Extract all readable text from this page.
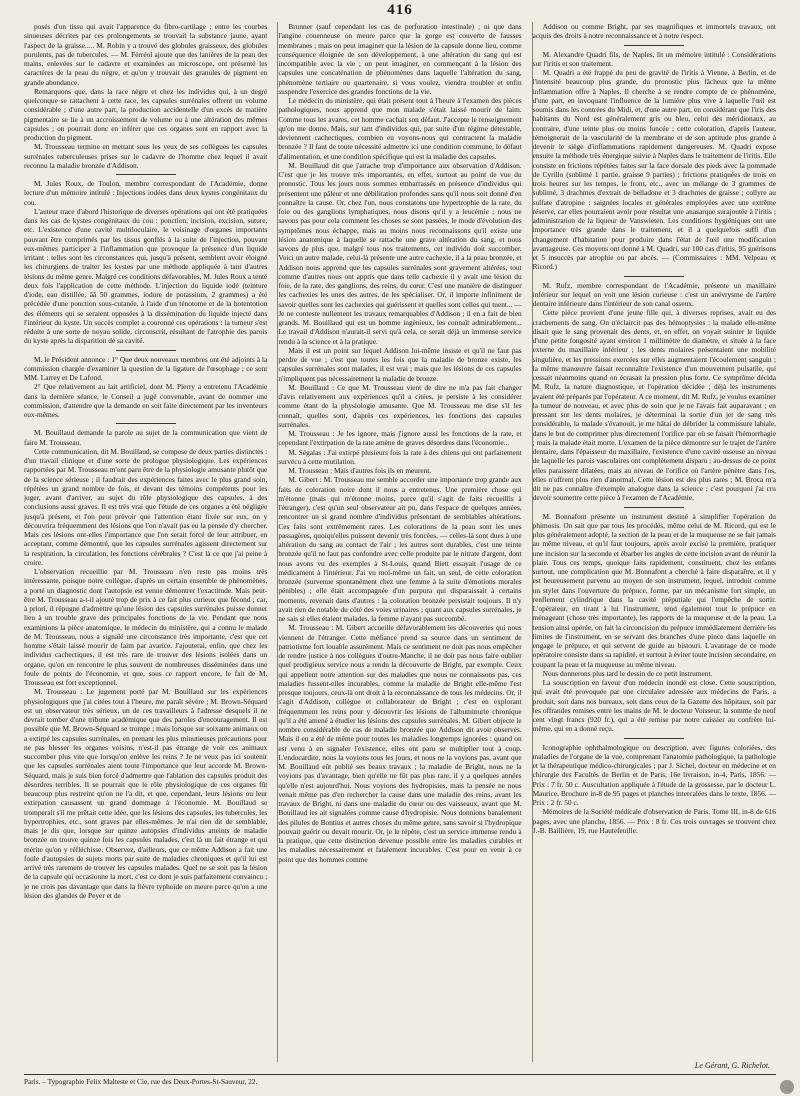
416

posés d'un tissu qui avait l'apparence du fibro-cartilage ; entre les courbes sinueuses décrites par ces prolongements se trouvait la substance jaune, ayant l'aspect de la graisse..... M. Robin y a trouvé des globules graisseux, des globules purulents, pas de tubercules. — M. Férréol ajoute que des lanières de la peau des mains, enlevées sur le cadavre et examinées au microscope, ont présenté les caractères de la peau du nègre, et qu'on y trouvait des granules de pigment en grande abondance.

Remarquons que, dans la race nègre et chez les individus qui, à un degré quelconque se rattachent à cette race, les capsules surrénales offrent un volume considérable ; d'une autre part, la production accidentelle d'un excès de matière pigmentaire se lie à un accroissement de volume ou à une altération des mêmes capsules ; on pourrait donc en inférer que ces organes sont en rapport avec la production du pigment.

M. Trousseau termine en mettant sous les yeux de ses collègues les capsules surrénales tuberculeuses prises sur le cadavre de l'homme chez lequel il avait reconnu la maladie bronzée d'Addison.

M. Jules Roux, de Toulon, membre correspondant de l'Académie, donne lecture d'un mémoire intitulé : Injections iodées dans deux kystes congénitaux du cou.

L'auteur trace d'abord l'historique de diverses opérations qui ont été pratiquées dans les cas de kystes congénitaux du cou : ponction, incision, excision, suture, etc. L'existence d'une cavité multiloculaire, le voisinage d'organes importants pouvant être comprimés par les tissus gonflés à la suite de l'injection, pouvant eux-mêmes participer à l'inflammation que provoque la présence d'un liquide irritant : telles sont les circonstances qui, jusqu'à présent, semblent avoir éloigné les chirurgiens de traiter les kystes par une méthode appliquée à tant d'autres lésions du même genre. Malgré ces conditions défavorables, M. Jules Roux a tenté deux fois l'application de cette méthode. L'injection du liquide iodé (teinture d'iode, eau distillée, âă 50 grammes, iodure de potassium, 2 grammes) a été précédée d'une ponction sous-cutanée, à l'aide d'un ténotome et de la hotentotion des éléments qui se seraient opposées à la dissémination du liquide injecté dans l'intérieur du kyste. Un succès complet a couronné ces opérations : la tumeur s'est réduite à une sorte de noyau solide, circonscrit, résultant de l'atrophie des parois du kyste après la disparition de sa cavité.

M. le Président annonce : 1° Que deux nouveaux membres ont été adjoints à la commission chargée d'examiner la question de la ligature de l'œsophage ; ce sont MM. Larrey et De Lafond.

2° Que relativement au lait artificiel, dont M. Pierry a entretenu l'Académie dans la dernière séance, le Conseil a jugé convenable, avant de nommer une commission, d'attendre que la demande en soit faite directement par les inventeurs eux-mêmes.

M. Bouillaud demande la parole au sujet de la communication que vient de faire M. Trousseau.

Cette communication, dit M. Bouillaud, se compose de deux parties distinctes : d'un travail clinique et d'une sorte de prologue physiologique. Les expériences rapportées par M. Trousseau m'ont paru être de la physiologie amusante plutôt que de la science sérieuse ; il faudrait des expériences faites avec le plus grand soin, répétées un grand nombre de fois, et devant des témoins compétents pour les juger, avant d'arriver, au sujet du rôle physiologique des capsules, à des conclusions aussi graves. Il est très vrai que l'étude de ces organes a été négligée jusqu'à présent, et l'on peut prévoir que l'attention étant fixée sur eux, on y découvrira fréquemment des lésions que l'on n'avait pas eu la pensée d'y chercher. Mais ces lésions ont-elles l'importance que l'on serait forcé de leur attribuer, en acceptant, comme démontré, que les capsules surrénales agissent directement sur la respiration, la circulation, les fonctions cérébrales ? C'est là ce que j'ai peine à croire.

L'observation recueillie par M. Trousseau n'en reste pas moins très intéressante, puisque notre collègue, d'après un certain ensemble de phénomènes, a porté un diagnostic dont l'autopsie est venue démontrer l'exactitude. Mais peut-être M. Trousseau a-t-il ajouté trop de prix à ce fait plus curieux que fécond ; car, à priori, il répugne d'admettre qu'une lésion des capsules surrénales puisse donner lieu à un trouble grave des principales fonctions de la vie. Pendant que nous examinions la pièce anatomique, le médecin du ministère, qui a connu le malade de M. Trousseau, nous a signalé une circonstance très importante, c'est que cet homme s'était laissé mourir de faim par avarice. J'ajouterai, enfin, que chez les individus cachectiques, il est très rare de trouver des lésions isolées dans un organe, qu'on en rencontre le plus souvent de nombreuses disséminées dans une foule de points de l'économie, et que, sous ce rapport encore, le fait de M. Trousseau est fort exceptionnel.

M. Trousseau : Le jugement porté par M. Bouillaud sur les expériences physiologiques que j'ai citées tout à l'heure, me paraît sévère ; M. Brown-Séquard est un observateur très sérieux, un de ces travailleurs à l'adresse desquels il ne devrait tomber d'une tribune académique que des paroles d'encouragement. Il est possible que M. Brown-Séquard se trompe ; mais lorsque sur soixante animaux on a extirpé les capsules surrénales, en prenant les plus minutieuses précautions pour ne pas blesser les organes voisins, n'est-il pas étrange de voir ces animaux succomber plus vite que lorsqu'on enlève les reins ? Je ne veux pas ici soutenir que les capsules surrénales aient toute l'importance que leur accorde M. Brown-Séquard, mais je suis bien forcé d'admettre que l'ablation des capsules produit des désordres terribles. Il se pourrait que le rôle physiologique de ces organes fût beaucoup plus restreint qu'on ne l'a dit, et que, cependant, leurs lésions ou leur extirpation causassent un grand dommage à l'économie. M. Bouillaud se tromperait s'il me prêtait cette idée, que les lésions des capsules, les tubercules, les hypertrophies, etc., sont graves par elles-mêmes. Je n'ai rien dit de semblable, mais je dis que, lorsque sur quinze autopsies d'individus atteints de maladie bronzée on trouve quinze fois les capsules malades, c'est là un fait étrange et qui mérite qu'on y réfléchisse. Observez, d'ailleurs, que ce même Addison a fait une foule d'autopsies de sujets morts par suite de maladies chroniques et qu'il lui est arrivé très rarement de trouver les capsules malades. Quel ne se soit pas la lésion de la capsule qui occasionne la mort, c'est ce dont je suis parfaitement convaincu ; je ne crois pas davantage que dans la fièvre typhoïde on meure parce qu'on a une lésion des glandes de Peyer et de

Brunner (sauf cependant les cas de perforation intestinale) ; ni que dans l'angine couenneuse on meure parce que la gorge est couverte de fausses membranes ; mais on peut imaginer que la lésion de la capsule donne lieu, comme conséquence éloignée de son développement, à une altération du sang qui est incompatible avec la vie ; on peut imaginer, en commençant à la lésion des capsules une concaténation de phénomènes dans laquelle l'altération du sang, phénomène tertiaire ou quartenaire, si vous voulez, viendra troubler et enfin suspendre l'exercice des grandes fonctions de la vie.

Le médecin du ministère, qui était présent tout à l'heure à l'examen des pièces pathologiques, nous apprend que mon malade s'était laissé mourir de faim. Comme tous les avares, cet homme cachait son défaut. J'accepte le renseignement qu'on me donne. Mais, sur tant d'individus qui, par suite d'un régime détestable, deviennent cachectiques, combien en voyons-nous qui contractent la maladie bronzée ? Il faut de toute nécessité admettre ici une condition commune, le défaut d'alimentation, et une condition spécifique qui est la maladie des capsules.

M. Bouillaud dit que j'attache trop d'importance aux observation d'Addison. C'est que je les trouve très importantes, en effet, surtout au point de vue du pronostic. Tous les jours nous sommes embarrassés en présence d'individus qui présentent une pâleur et une débilitation profondes sans qu'il nous soit donné d'en connaître la cause. Or, chez l'un, nous constatons une hypertrophie de la rate, du foie ou des ganglions lymphatiques, nous disons qu'il y a leucémie ; nous ne savons pas pour cela comment les choses se sont passées, le mode d'évolution des symptômes nous échappe, mais au moins nous reconnaissons qu'il existe une lésion anatomique à laquelle se rattache une grave altération du sang, et nous savons de plus que, malgré tous nos traitements, cet individu doit succomber. Voici un autre malade, celui-là présente une autre cachexie, il a la peau bronzée, et Addison nous apprend que les capsules surrénales sont gravement altérées, tout comme d'autres nous ont appris que dans telle cachexie il y avait une lésion du foie, de la rate, des ganglions, des reins, du cœur. C'est une manière de distinguer les cachexies les unes des autres, de les spécialiser. Or, il importe infiniment de savoir quelles sont les cachexies qui guérissent et quelles sont celles qui tuent... — Je ne conteste nullement les travaux remarquables d'Addison ; il en a fait de bien grands. M. Bouillaud qui est un homme ingénieux, les connaît admirablement... Le travail d'Addison n'aurait-il servi qu'à cela, ce serait déjà un immense service rendu à la science et à la pratique.

Mais il est un point sur lequel Addison lui-même insiste et qu'il ne faut pas perdre de vue ; c'est que toutes les fois que la maladie de bronze existe, les capsules surrénales sont malades, il est vrai ; mais que les lésions de ces capsules n'impliquent pas nécessairement la maladie de bronze.

M. Bouillaud : Ce que M. Trousseau vient de dire ne m'a pas fait changer d'avis relativement aux expériences qu'il a citées, je persiste à les considérer comme étant de la physiologie amusante. Que M. Trousseau me dise s'il les connaît, quelles sont, d'après ces expériences, les fonctions des capsules surrénales.

M. Trousseau : Je les ignore, mais j'ignore aussi les fonctions de la rate, et cependant l'extirpation de la rate amène de graves désordres dans l'économie...

M. Ségalas : J'ai extirpé plusieurs fois la rate à des chiens qui ont parfaitement survécu à cette mutilation.

M. Trousseau : Mais d'autres fois ils en meurent.

M. Gibert : M. Trousseau me semble accorder une importance trop grande aux faits de coloration noire dont il nous a entretenus. Une première chose qui m'étonne (mais qui m'étonne moins, parce qu'il s'agit de faits recueillis à l'étranger), c'est qu'un seul observateur ait pu, dans l'espace de quelques années, rencontrer un si grand nombre d'individus présentant de semblables altérations. Ces faits sont extrêmement rares. Les colorations de la peau sont les unes passagères, quoiqu'elles puissent devenir très foncées, — celles-là sont dues à une altération du sang au contact de l'air ; les autres sont durables, c'est une teinte bronzée qu'il ne faut pas confondre avec celle produite par le nitrate d'argent, dont nous avons vu des exemples à St-Louis, quand Biett essayait l'usage de ce médicament à l'intérieur. J'ai vu moi-même un fait, un seul, de cette coloration bronzée (survenue spontanément chez une femme à la suite d'émotions morales pénibles) ; elle était accompagnée d'un purpura qui disparaissait à certains moments, revenait dans d'autres : la coloration bronzée persistait toujours. Il n'y avait rien de notable du côté des voies urinaires ; quant aux capsules surrénales, je ne sais si elles étaient malades, la femme n'ayant pas succombé.

M. Trousseau : M. Gibert accueille défavorablement les découvertes qui nous viennent de l'étranger. Cette méfiance prend sa source dans un sentiment de patriotisme fort louable assurément. Mais ce sentiment ne doit pas nous empêcher de rendre justice à nos collègues d'outre-Manche, il ne doit pas nous faire oublier quel prodigieux service nous a rendu la découverte de Bright, par exemple. Ceux qui appellent notre attention sur des maladies que nous ne connaissons pas, ces maladies fussent-elles incurables, comme la maladie de Bright elle-même l'est presque toujours, ceux-là ont droit à la reconnaissance de tous les médecins. Or, il s'agit d'Addison, collègue et collaborateur de Bright ; c'est en explorant fréquemment les reins pour y découvrir les lésions de l'albuminurie chronique qu'il a été amené à étudier les lésions des capsules surrénales. M. Gibert objecte le nombre considérable de cas de maladie bronzée que Addison dit avoir observés. Mais il en a été de même pour toutes les maladies longtemps ignorées : quand on est venu à en signaler l'existence, elles ont paru se multiplier tout à coup. L'endocardite, nous la voyions tous les jours, et nous ne la voyions pas, avant que M. Bouillaud eût publié ses beaux travaux ; la maladie de Bright, nous ne la voyions pas d'avantage, bien qu'elle ne fût pas plus rare, il y a quelques années qu'elle n'est aujourd'hui. Nous voyions des hydropisies, mais la pensée ne nous venait même pas d'en rechercher la cause dans une maladie des reins, avant les travaux de Bright, ni dans une maladie du cœur ou des vaisseaux, avant que M. Bouillaud les ait signalées comme cause d'hydropisie. Nous donnions banalement des pilules de Bontius et autres choses du même genre, sans savoir si l'hydropique pouvait guérir ou devait mourir. Or, je le répète, c'est un service immense rendu à la pratique, que cette distinction devenue possible entre les maladies curables et les maladies nécessairement et fatalement incurables. C'est pour en venir à ce point que des hommes comme

Addison ou comme Bright, par ses magnifiques et immortels travaux, ont acquis des droits à notre reconnaissance et à notre respect.

M. Alexandre Quadri fils, de Naples, lit un mémoire intitulé : Considérations sur l'iritis et son traitement.

M. Quadri a été frappé du peu de gravité de l'iritis à Vienne, à Berlin, et de l'intensité beaucoup plus grande, du pronostic plus fâcheux que la même inflammation offre à Naples. Il cherche à se rendre compte de ce phénomène, d'une part, en invoquant l'influence de la lumière plus vive à laquelle l'œil est soumis dans les contrées du Midi, et, d'une autre part, en considérant que l'iris des habitants du Nord est généralement gris ou bleu, celui des méridionaux, au contraire, d'une teinte plus ou moins foncée ; cette coloration, d'après l'auteur, témoignerait de la vascularité de la membrane et de son aptitude plus grande à devenir le siège d'inflammations rapidement dangereuses. M. Quadri expose ensuite la méthode très énergique suivie à Naples dans le traitement de l'iritis. Elle consiste en frictions répétées faites sur la face dorsale des pieds avec la pommade de Cyrillo (sublimé 1 partie, graisse 9 parties) ; frictions pratiquées de trois en trois heures sur les tempes, le front, etc., avec un mélange de 3 grammes de sublimé, 3 drachmes d'extrait de belladone et 3 drachmes de graisse ; collyre au sulfate d'atropine : saignées locales et générales employées avec une extrême réserve, car elles pourraient avoir pour résultat une anasarque surajoutée à l'iritis ; administration de la liqueur de Vanswieten. Les conditions hygiéniques ont une importance très grande dans le traitement, et il a quelquefois suffi d'un changement d'habitation pour produire dans l'état de l'œil une modification avantageuse. Ces moyens ont donné à M. Quadri, sur 100 cas d'iritis, 95 guérisons et 5 insuccès par atrophie ou par abcès. — (Commissaires : MM. Velpeau et Ricord.)

M. Rufz, membre correspondant de l'Académie, présente un maxillaire inférieur sur lequel on voit une lésion curieuse : c'est un anévrysme de l'artère dentaire inférieure dans l'intérieur de son canal osseux.

Cette pièce provient d'une jeune fille qui, à diverses reprises, avait eu des crachements de sang. On n'éclaircit pas des hémoptysies : la malade elle-même disait que le sang provenait des dents, et, en effet, on voyait suinter le liquide d'une petite fongosité ayant environ 1 millimètre de diamètre, et située à la face externe du maxillaire inférieur ; les dents molaires présentaient une mobilité singulière, et les pressions exercées sur elles augmentaient l'écoulement sanguin ; la même manœuvre faisait reconnaître l'existence d'un mouvement pulsatile, qui cessait néanmoins quand on écrasait la pression plus forte. Ce symptôme décida M. Rufz, la nature diagnostique, et l'opération décidée ; déjà les instruments avaient été préparés par l'opérateur. A ce moment, dit M. Rufz, je voulus examiner la tumeur de nouveau, et avec plus de soin que je ne l'avais fait auparavant ; en pressant sur les dents molaires, je déterminai la sortie d'un jet de sang très considérable, la malade s'évanouit, je me hâtai de débrider la commissure labiale, dans le but de comprimer plus directement l'orifice par où se faisait l'hémorrhagie ; mais la malade était morte. L'examen de la pièce démontre sur le trajet de l'artère dentaire, dans l'épaisseur du maxillaire, l'existence d'une cavité osseuse au niveau de laquelle les parois vasculaires ont complètement disparu ; au-dessus de ce point elles paraissent dilatées, mais au niveau de l'orifice où l'artère pénètre dans l'os, elles n'offrent plus rien d'anormal. Cette lésion est des plus rares ; M. Broca m'a dit ne pas connaître d'exemple analogue dans la science ; c'est pourquoi j'ai cru devoir soumettre cette pièce à l'examen de l'Académie.

M. Bonnafont présente un instrument destiné à simplifier l'opération du phimosis. On sait que par tous les procédés, même celui de M. Ricord, qui est le plus généralement adopté, la section de la peau et de la muqueuse ne se fait jamais au même niveau, et qu'il faut toujours, après avoir excisé la première, pratiquer une incision sur la seconde et ébarber les angles de cette incision avant de réunir la plaie. Tous ces temps, quoique faits rapidement, constituent, chez les enfants surtout, une complication que M. Bonnafont a cherché à faire disparaître, et il y est heureusement parvenu au moyen de son instrument, lequel, introduit comme un stylet dans l'ouverture du prépuce, forme, par un mécanisme fort simple, un renflement cylindrique dans la cavité préputiale qui l'empêche de sortir. L'opérateur, en tirant à lui l'instrument, tend également tout le prépuce en ménageant (chose très importante), les rapports de la muqueuse et de la peau. La tension ainsi opérée, on fait la circoncision du prépuce immédiatement derrière les limites de l'instrument, en se servant des branches d'une pince dans laquelle on engage le prépuce, et qui servent de guide au bistouri. L'avantage de ce mode opératoire consiste dans sa rapidité, et surtout à éviter toute incision secondaire, en coupant la peau et la muqueuse au même niveau.

Nous donnerons plus tard le dessin de ce petit instrument.

La souscription en faveur d'un médecin inondé est close. Cette souscription, qui avait été provoquée par une circulaire adressée aux médecins de Paris, a produit, soit dans nos bureaux, soit dans ceux de la Gazette des hôpitaux, soit par les offrandes remises entre les mains de M. le docteur Voisseur, la somme de neuf cent vingt francs (920 fr.), qui a été remise par notre caissier au confrère lui-même, qui en a donné reçu.

Iconographie ophthalmologique ou description, avec figures coloriées, des maladies de l'organe de la vue, comprenant l'anatomie pathologique, la pathologie et la thérapeutique médico-chirurgicales ; par J. Sichel, docteur en médecine et en chirurgie des Facultés de Berlin et de Paris, 16e livraison, in-4, Paris, 1856. — Prix : 7 fr. 50 c. Auscultation appliquée à l'étude de la grossesse, par le docteur L. Maurice. Brochure in-8 de 95 pages et planches intercalées dans le texte, 1856. — Prix : 2 fr. 50 c.

Mémoires de la Société médicale d'observation de Paris. Tome III, in-8 de 616 pages, avec une planche, 1856. — Prix : 8 fr. Ces trois ouvrages se trouvent chez J.-B. Baillière, 19, rue Hautefeuille.

Le Gérant, G. Richelot.
Paris. – Typographie Felix Malteste et Cie, rue des Deux-Portes-St-Sauveur, 22.
